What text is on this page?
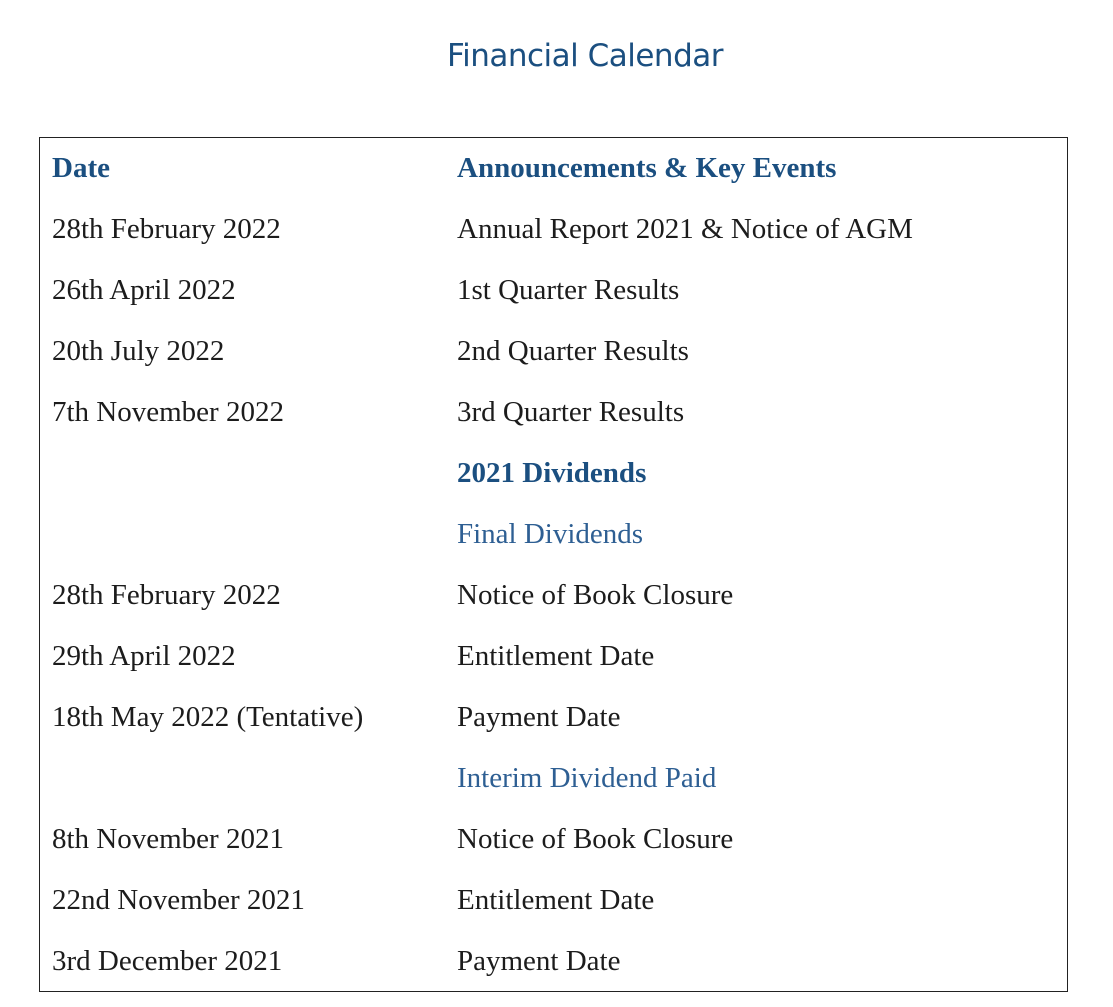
Financial Calendar
Date	Announcements & Key Events
28th February 2022	Annual Report 2021 & Notice of AGM
26th April 2022	1st Quarter Results
20th July 2022	2nd Quarter Results
7th November 2022	3rd Quarter Results
2021 Dividends
Final Dividends
28th February 2022	Notice of Book Closure
29th April 2022	Entitlement Date
18th May 2022 (Tentative)	Payment Date
Interim Dividend Paid
8th November 2021	Notice of Book Closure
22nd November 2021	Entitlement Date
3rd December 2021	Payment Date
